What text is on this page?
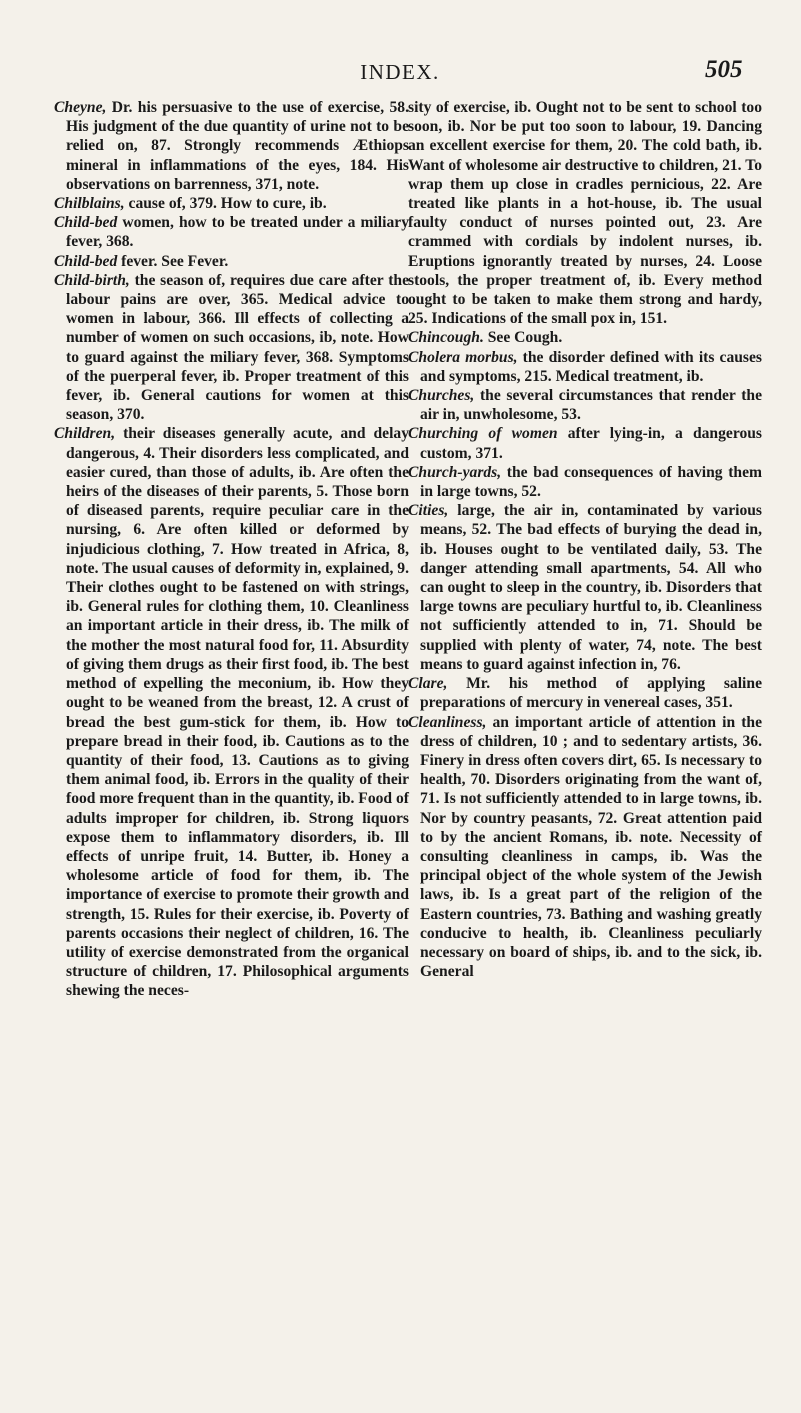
INDEX.	505

Cheyne, Dr. his persuasive to the use of exercise, 58. His judgment of the due quantity of urine not to be relied on, 87. Strongly recommends Æthiops mineral in inflammations of the eyes, 184. His observations on barrenness, 371, note.

Chilblains, cause of, 379. How to cure, ib.

Child-bed women, how to be treated under a miliary fever, 368.

Child-bed fever. See Fever.

Child-birth, the season of, requires due care after the labour pains are over, 365. Medical advice to women in labour, 366. Ill effects of collecting a number of women on such occasions, ib, note. How to guard against the miliary fever, 368. Symptoms of the puerperal fever, ib. Proper treatment of this fever, ib. General cautions for women at this season, 370.

Children, their diseases generally acute, and delay dangerous, 4. Their disorders less complicated, and easier cured, than those of adults, ib. Are often the heirs of the diseases of their parents, 5. Those born of diseased parents, require peculiar care in the nursing, 6. Are often killed or deformed by injudicious clothing, 7. How treated in Africa, 8, note. The usual causes of deformity in, explained, 9. Their clothes ought to be fastened on with strings, ib. General rules for clothing them, 10. Cleanliness an important article in their dress, ib. The milk of the mother the most natural food for, 11. Absurdity of giving them drugs as their first food, ib. The best method of expelling the meconium, ib. How they ought to be weaned from the breast, 12. A crust of bread the best gum-stick for them, ib. How to prepare bread in their food, ib. Cautions as to the quantity of their food, 13. Cautions as to giving them animal food, ib. Errors in the quality of their food more frequent than in the quantity, ib. Food of adults improper for children, ib. Strong liquors expose them to inflammatory disorders, ib. Ill effects of unripe fruit, 14. Butter, ib. Honey a wholesome article of food for them, ib. The importance of exercise to promote their growth and strength, 15. Rules for their exercise, ib. Poverty of parents occasions their neglect of children, 16. The utility of exercise demonstrated from the organical structure of children, 17. Philosophical arguments shewing the neces-

sity of exercise, ib. Ought not to be sent to school too soon, ib. Nor be put too soon to labour, 19. Dancing an excellent exercise for them, 20. The cold bath, ib. Want of wholesome air destructive to children, 21. To wrap them up close in cradles pernicious, 22. Are treated like plants in a hot-house, ib. The usual faulty conduct of nurses pointed out, 23. Are crammed with cordials by indolent nurses, ib. Eruptions ignorantly treated by nurses, 24. Loose stools, the proper treatment of, ib. Every method ought to be taken to make them strong and hardy, 25. Indications of the small pox in, 151.

Chincough. See Cough.

Cholera morbus, the disorder defined with its causes and symptoms, 215. Medical treatment, ib.

Churches, the several circumstances that render the air in, unwholesome, 53.

Churching of women after lying-in, a dangerous custom, 371.

Church-yards, the bad consequences of having them in large towns, 52.

Cities, large, the air in, contaminated by various means, 52. The bad effects of burying the dead in, ib. Houses ought to be ventilated daily, 53. The danger attending small apartments, 54. All who can ought to sleep in the country, ib. Disorders that large towns are peculiary hurtful to, ib. Cleanliness not sufficiently attended to in, 71. Should be supplied with plenty of water, 74, note. The best means to guard against infection in, 76.

Clare, Mr. his method of applying saline preparations of mercury in venereal cases, 351.

Cleanliness, an important article of attention in the dress of children, 10 ; and to sedentary artists, 36. Finery in dress often covers dirt, 65. Is necessary to health, 70. Disorders originating from the want of, 71. Is not sufficiently attended to in large towns, ib. Nor by country peasants, 72. Great attention paid to by the ancient Romans, ib. note. Necessity of consulting cleanliness in camps, ib. Was the principal object of the whole system of the Jewish laws, ib. Is a great part of the religion of the Eastern countries, 73. Bathing and washing greatly conducive to health, ib. Cleanliness peculiarly necessary on board of ships, ib. and to the sick, ib. General
